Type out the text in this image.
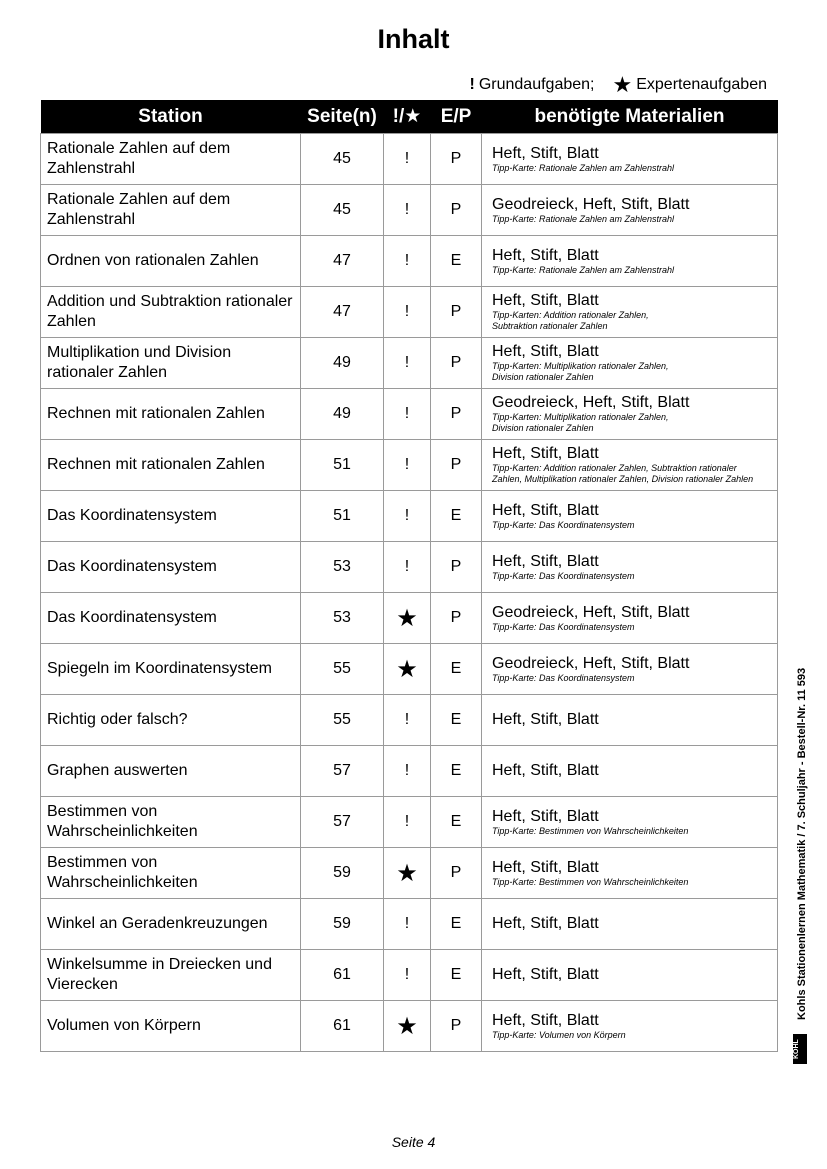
Inhalt
! Grundaufgaben; ★ Expertenaufgaben
Station	Seite(n)	!/★	E/P	benötigte Materialien
Rationale Zahlen auf dem Zahlenstrahl	45	!	P	Heft, Stift, Blatt
Tipp-Karte: Rationale Zahlen am Zahlenstrahl

Rationale Zahlen auf dem Zahlenstrahl	45	!	P	Geodreieck, Heft, Stift, Blatt
Tipp-Karte: Rationale Zahlen am Zahlenstrahl

Ordnen von rationalen Zahlen	47	!	E	Heft, Stift, Blatt
Tipp-Karte: Rationale Zahlen am Zahlenstrahl

Addition und Subtraktion rationaler Zahlen	47	!	P	Heft, Stift, Blatt
Tipp-Karten: Addition rationaler Zahlen,
Subtraktion rationaler Zahlen

Multiplikation und Division rationaler Zahlen	49	!	P	Heft, Stift, Blatt
Tipp-Karten: Multiplikation rationaler Zahlen,
Division rationaler Zahlen

Rechnen mit rationalen Zahlen	49	!	P	Geodreieck, Heft, Stift, Blatt
Tipp-Karten: Multiplikation rationaler Zahlen,
Division rationaler Zahlen

Rechnen mit rationalen Zahlen	51	!	P	Heft, Stift, Blatt
Tipp-Karten: Addition rationaler Zahlen, Subtraktion rationaler
Zahlen, Multiplikation rationaler Zahlen, Division rationaler Zahlen

Das Koordinatensystem	51	!	E	Heft, Stift, Blatt
Tipp-Karte: Das Koordinatensystem

Das Koordinatensystem	53	!	P	Heft, Stift, Blatt
Tipp-Karte: Das Koordinatensystem

Das Koordinatensystem	53	★	P	Geodreieck, Heft, Stift, Blatt
Tipp-Karte: Das Koordinatensystem

Spiegeln im Koordinatensystem	55	★	E	Geodreieck, Heft, Stift, Blatt
Tipp-Karte: Das Koordinatensystem

Richtig oder falsch?	55	!	E	Heft, Stift, Blatt

Graphen auswerten	57	!	E	Heft, Stift, Blatt

Bestimmen von Wahrscheinlichkeiten	57	!	E	Heft, Stift, Blatt
Tipp-Karte: Bestimmen von Wahrscheinlichkeiten

Bestimmen von Wahrscheinlichkeiten	59	★	P	Heft, Stift, Blatt
Tipp-Karte: Bestimmen von Wahrscheinlichkeiten

Winkel an Geradenkreuzungen	59	!	E	Heft, Stift, Blatt

Winkelsumme in Dreiecken und Vierecken	61	!	E	Heft, Stift, Blatt

Volumen von Körpern	61	★	P	Heft, Stift, Blatt
Tipp-Karte: Volumen von Körpern
Kohls Stationenlernen Mathematik / 7. Schuljahr - Bestell-Nr. 11 593
KOHL
Seite 4
